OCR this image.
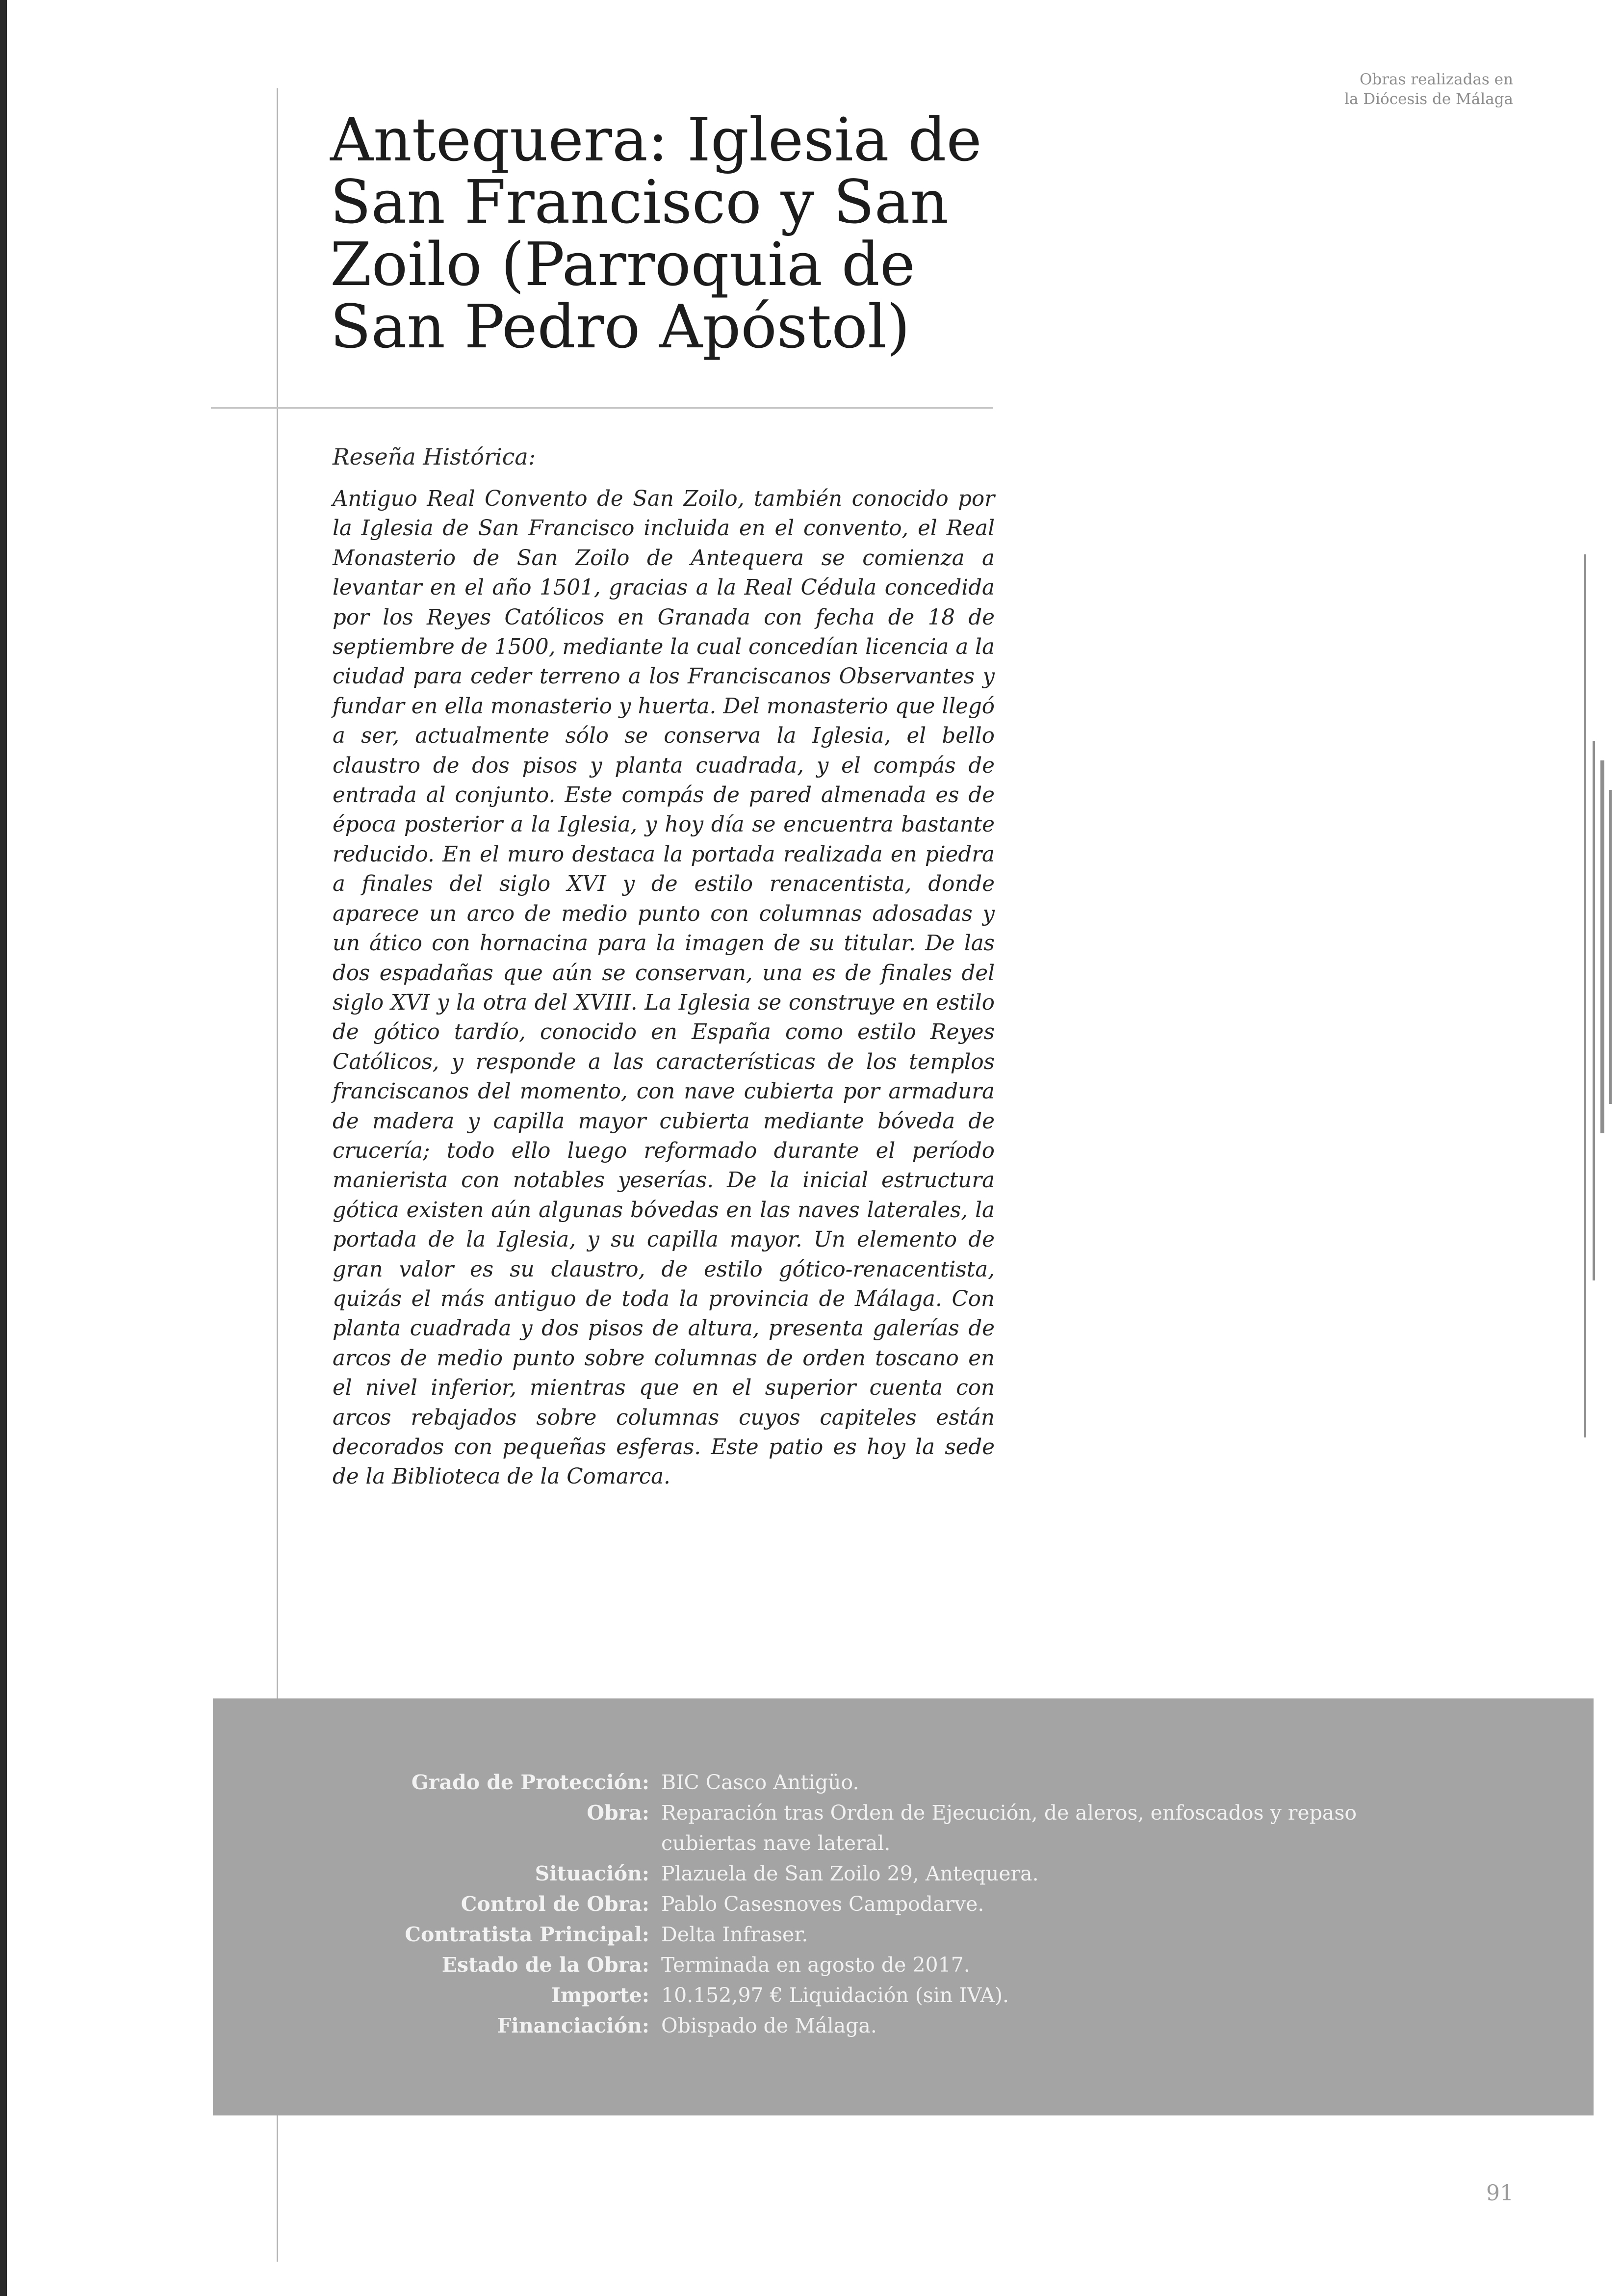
Obras realizadas en
la Diócesis de Málaga
Antequera: Iglesia de San Francisco y San Zoilo (Parroquia de San Pedro Apóstol)
Reseña Histórica:

Antiguo Real Convento de San Zoilo, también conocido por la Iglesia de San Francisco incluida en el convento, el Real Monasterio de San Zoilo de Antequera se comienza a levantar en el año 1501, gracias a la Real Cédula concedida por los Reyes Católicos en Granada con fecha de 18 de septiembre de 1500, mediante la cual concedían licencia a la ciudad para ceder terreno a los Franciscanos Observantes y fundar en ella monasterio y huerta. Del monasterio que llegó a ser, actualmente sólo se conserva la Iglesia, el bello claustro de dos pisos y planta cuadrada, y el compás de entrada al conjunto. Este compás de pared almenada es de época posterior a la Iglesia, y hoy día se encuentra bastante reducido. En el muro destaca la portada realizada en piedra a finales del siglo XVI y de estilo renacentista, donde aparece un arco de medio punto con columnas adosadas y un ático con hornacina para la imagen de su titular. De las dos espadañas que aún se conservan, una es de finales del siglo XVI y la otra del XVIII. La Iglesia se construye en estilo de gótico tardío, conocido en España como estilo Reyes Católicos, y responde a las características de los templos franciscanos del momento, con nave cubierta por armadura de madera y capilla mayor cubierta mediante bóveda de crucería; todo ello luego reformado durante el período manierista con notables yeserías. De la inicial estructura gótica existen aún algunas bóvedas en las naves laterales, la portada de la Iglesia, y su capilla mayor. Un elemento de gran valor es su claustro, de estilo gótico-renacentista, quizás el más antiguo de toda la provincia de Málaga. Con planta cuadrada y dos pisos de altura, presenta galerías de arcos de medio punto sobre columnas de orden toscano en el nivel inferior, mientras que en el superior cuenta con arcos rebajados sobre columnas cuyos capiteles están decorados con pequeñas esferas. Este patio es hoy la sede de la Biblioteca de la Comarca.

Grado de Protección: BIC Casco Antigüo.
Obra: Reparación tras Orden de Ejecución, de aleros, enfoscados y repaso cubiertas nave lateral.
Situación: Plazuela de San Zoilo 29, Antequera.
Control de Obra: Pablo Casesnoves Campodarve.
Contratista Principal: Delta Infraser.
Estado de la Obra: Terminada en agosto de 2017.
Importe: 10.152,97 € Liquidación (sin IVA).
Financiación: Obispado de Málaga.
91
